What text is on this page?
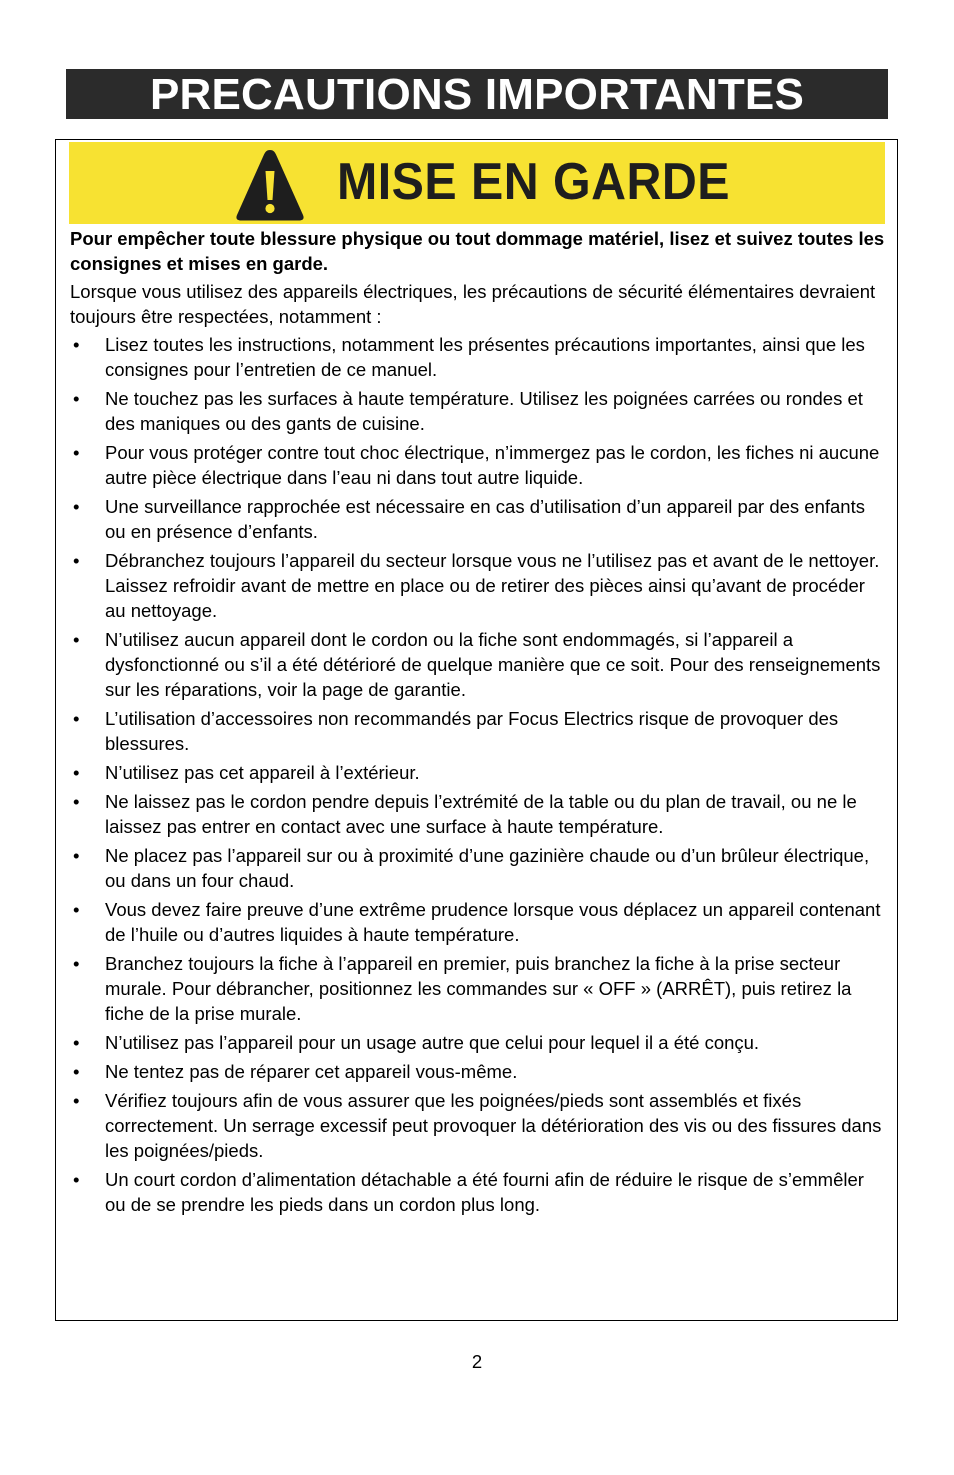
PRECAUTIONS IMPORTANTES
MISE EN GARDE

Pour empêcher toute blessure physique ou tout dommage matériel, lisez et suivez toutes les consignes et mises en garde.

Lorsque vous utilisez des appareils électriques, les précautions de sécurité élémentaires devraient toujours être respectées, notamment :

• Lisez toutes les instructions, notamment les présentes précautions importantes, ainsi que les consignes pour l’entretien de ce manuel.
• Ne touchez pas les surfaces à haute température. Utilisez les poignées carrées ou rondes et des maniques ou des gants de cuisine.
• Pour vous protéger contre tout choc électrique, n’immergez pas le cordon, les fiches ni aucune autre pièce électrique dans l’eau ni dans tout autre liquide.
• Une surveillance rapprochée est nécessaire en cas d’utilisation d’un appareil par des enfants ou en présence d’enfants.
• Débranchez toujours l’appareil du secteur lorsque vous ne l’utilisez pas et avant de le nettoyer. Laissez refroidir avant de mettre en place ou de retirer des pièces ainsi qu’avant de procéder au nettoyage.
• N’utilisez aucun appareil dont le cordon ou la fiche sont endommagés, si l’appareil a dysfonctionné ou s’il a été détérioré de quelque manière que ce soit. Pour des renseignements sur les réparations, voir la page de garantie.
• L’utilisation d’accessoires non recommandés par Focus Electrics risque de provoquer des blessures.
• N’utilisez pas cet appareil à l’extérieur.
• Ne laissez pas le cordon pendre depuis l’extrémité de la table ou du plan de travail, ou ne le laissez pas entrer en contact avec une surface à haute température.
• Ne placez pas l’appareil sur ou à proximité d’une gazinière chaude ou d’un brûleur électrique, ou dans un four chaud.
• Vous devez faire preuve d’une extrême prudence lorsque vous déplacez un appareil contenant de l’huile ou d’autres liquides à haute température.
• Branchez toujours la fiche à l’appareil en premier, puis branchez la fiche à la prise secteur murale. Pour débrancher, positionnez les commandes sur « OFF » (ARRÊT), puis retirez la fiche de la prise murale.
• N’utilisez pas l’appareil pour un usage autre que celui pour lequel il a été conçu.
• Ne tentez pas de réparer cet appareil vous-même.
• Vérifiez toujours afin de vous assurer que les poignées/pieds sont assemblés et fixés correctement. Un serrage excessif peut provoquer la détérioration des vis ou des fissures dans les poignées/pieds.
• Un court cordon d’alimentation détachable a été fourni afin de réduire le risque de s’emmêler ou de se prendre les pieds dans un cordon plus long.
2
